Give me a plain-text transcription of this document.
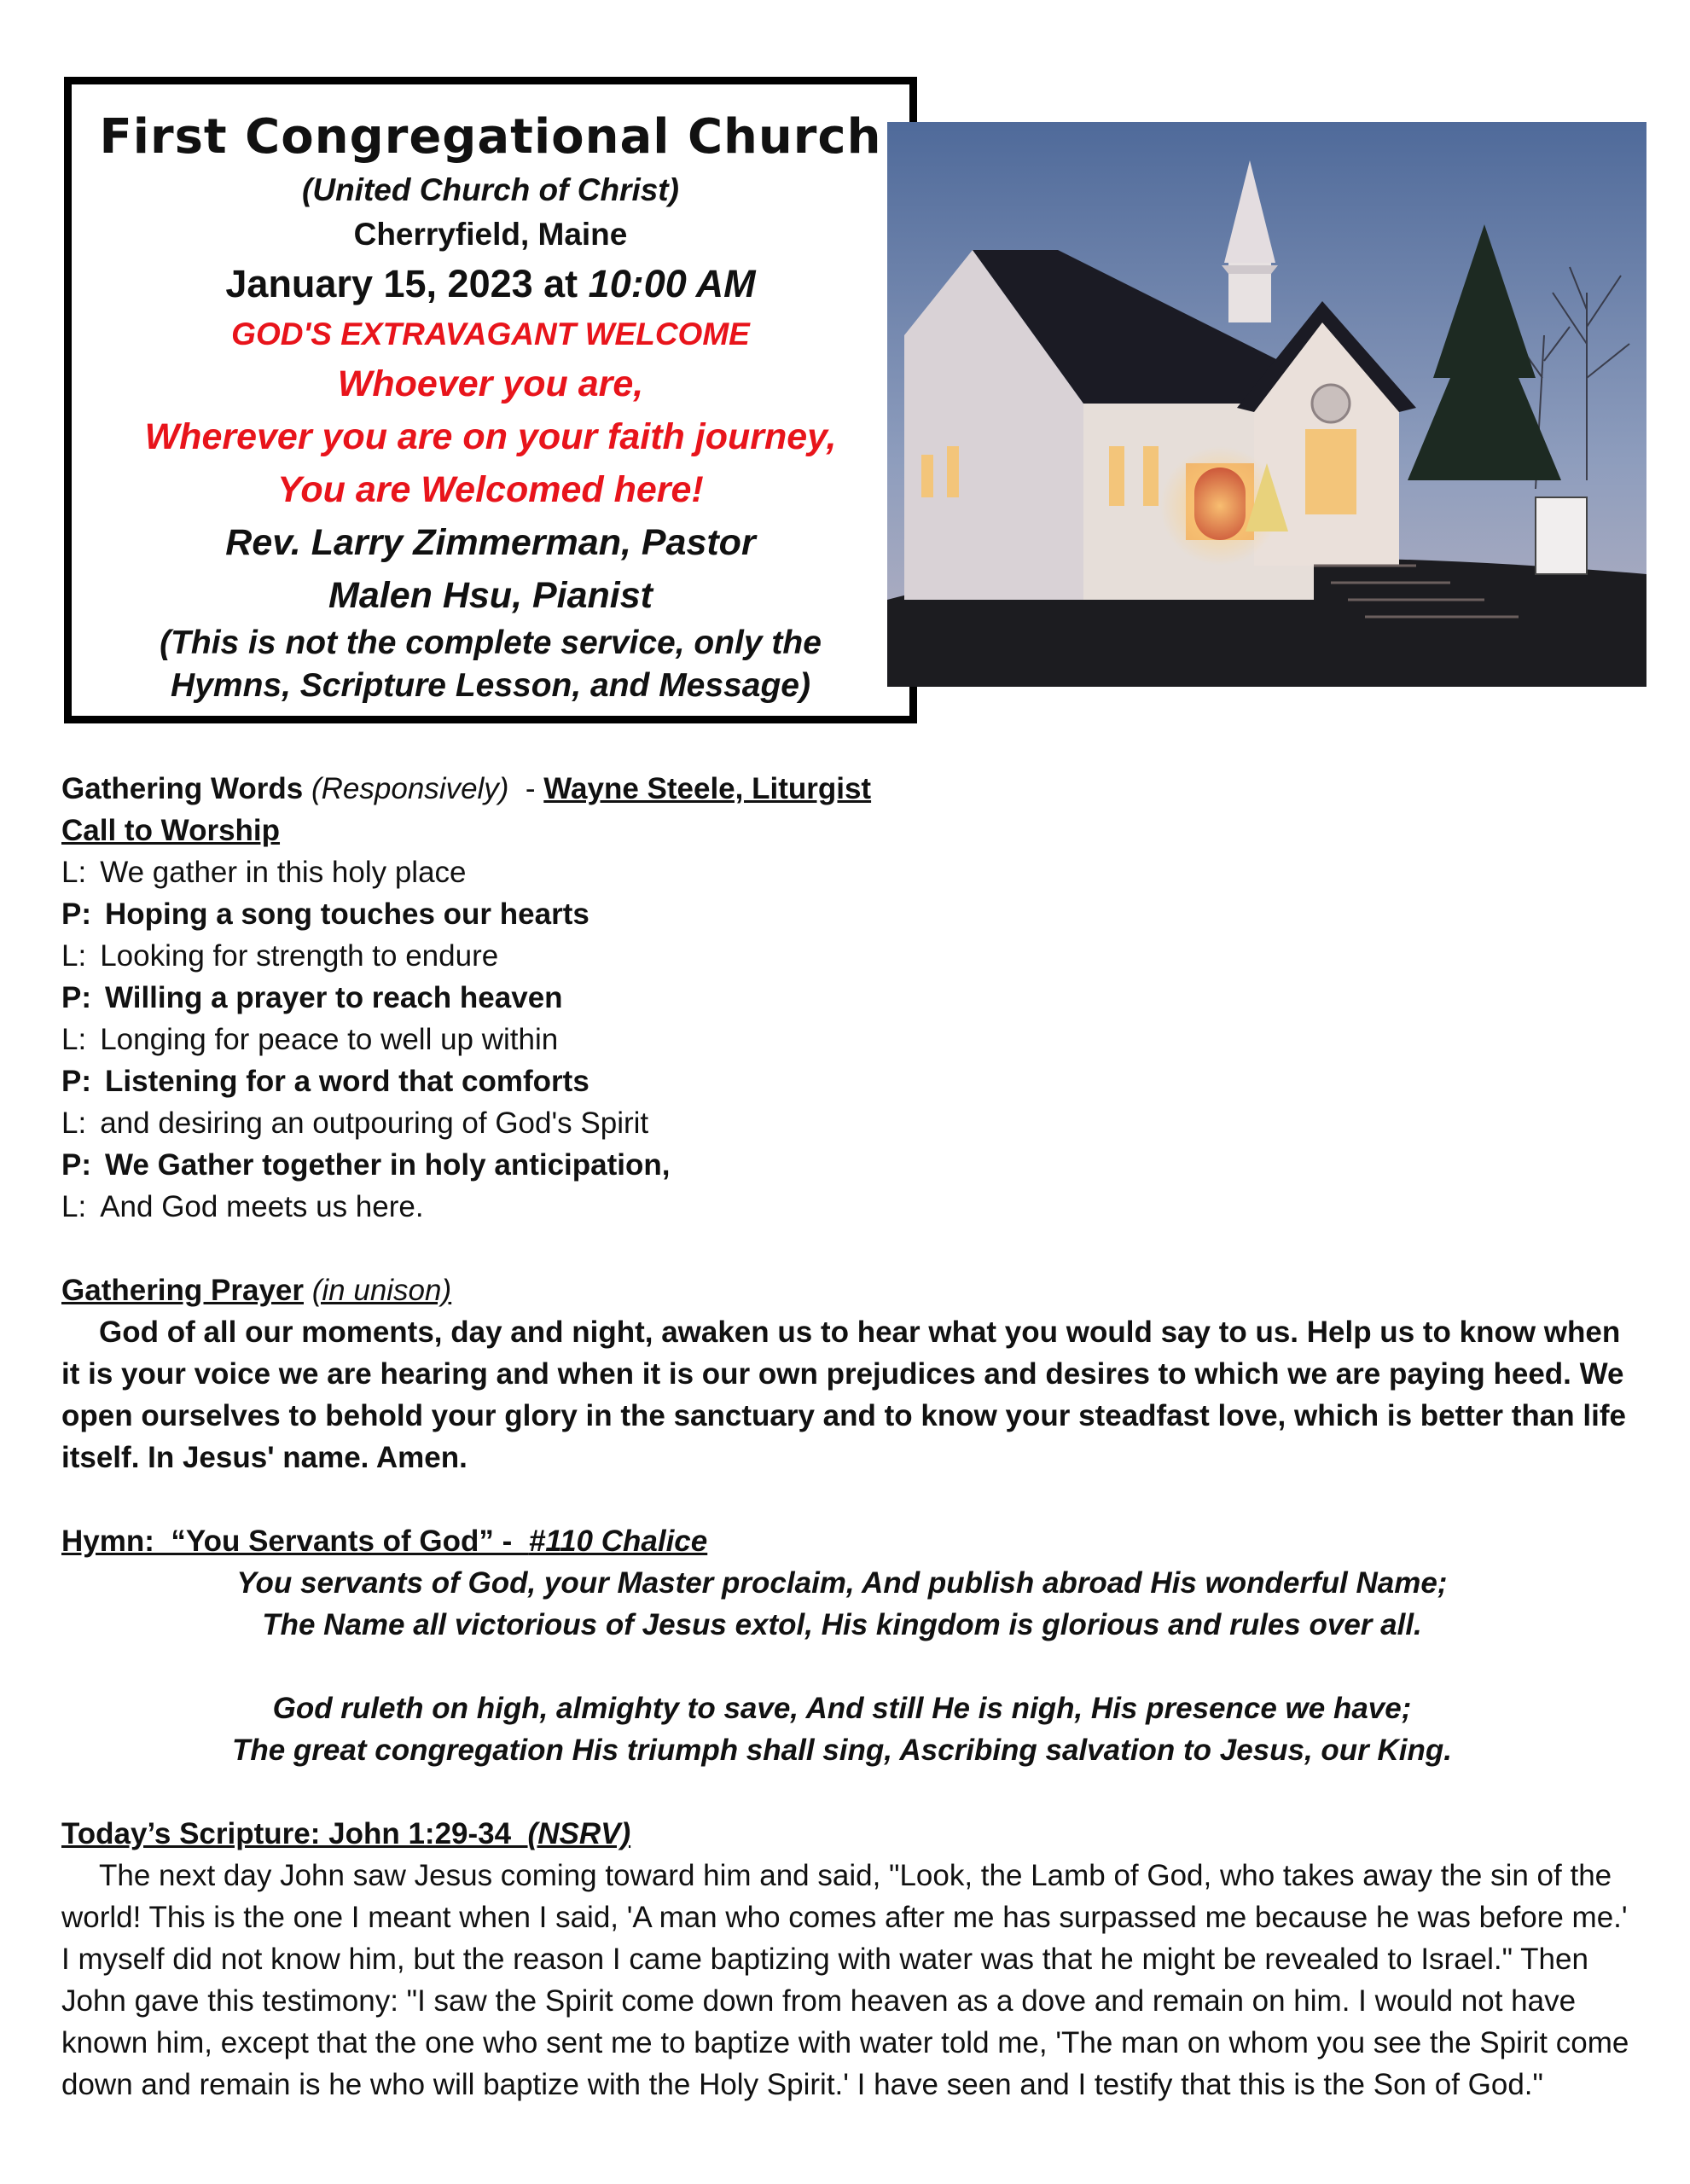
First Congregational Church
(United Church of Christ)
Cherryfield, Maine
January 15, 2023 at 10:00 AM
GOD'S EXTRAVAGANT WELCOME
Whoever you are,
Wherever you are on your faith journey,
You are Welcomed here!
Rev. Larry Zimmerman, Pastor
Malen Hsu, Pianist
(This is not the complete service, only the
Hymns, Scripture Lesson, and Message)
Gathering Words (Responsively)  - Wayne Steele, Liturgist
Call to Worship
L: We gather in this holy place
P: Hoping a song touches our hearts
L: Looking for strength to endure
P: Willing a prayer to reach heaven
L: Longing for peace to well up within
P: Listening for a word that comforts
L: and desiring an outpouring of God's Spirit
P: We Gather together in holy anticipation,
L: And God meets us here.
Gathering Prayer (in unison)
God of all our moments, day and night, awaken us to hear what you would say to us. Help us to know when it is your voice we are hearing and when it is our own prejudices and desires to which we are paying heed. We open ourselves to behold your glory in the sanctuary and to know your steadfast love, which is better than life itself. In Jesus' name. Amen.
Hymn:  “You Servants of God” -  #110 Chalice
You servants of God, your Master proclaim, And publish abroad His wonderful Name;
The Name all victorious of Jesus extol, His kingdom is glorious and rules over all.
God ruleth on high, almighty to save, And still He is nigh, His presence we have;
The great congregation His triumph shall sing, Ascribing salvation to Jesus, our King.
Today’s Scripture: John 1:29-34  (NSRV)
The next day John saw Jesus coming toward him and said, "Look, the Lamb of God, who takes away the sin of the world! This is the one I meant when I said, 'A man who comes after me has surpassed me because he was before me.' I myself did not know him, but the reason I came baptizing with water was that he might be revealed to Israel." Then John gave this testimony: "I saw the Spirit come down from heaven as a dove and remain on him. I would not have known him, except that the one who sent me to baptize with water told me, 'The man on whom you see the Spirit come down and remain is he who will baptize with the Holy Spirit.' I have seen and I testify that this is the Son of God."
